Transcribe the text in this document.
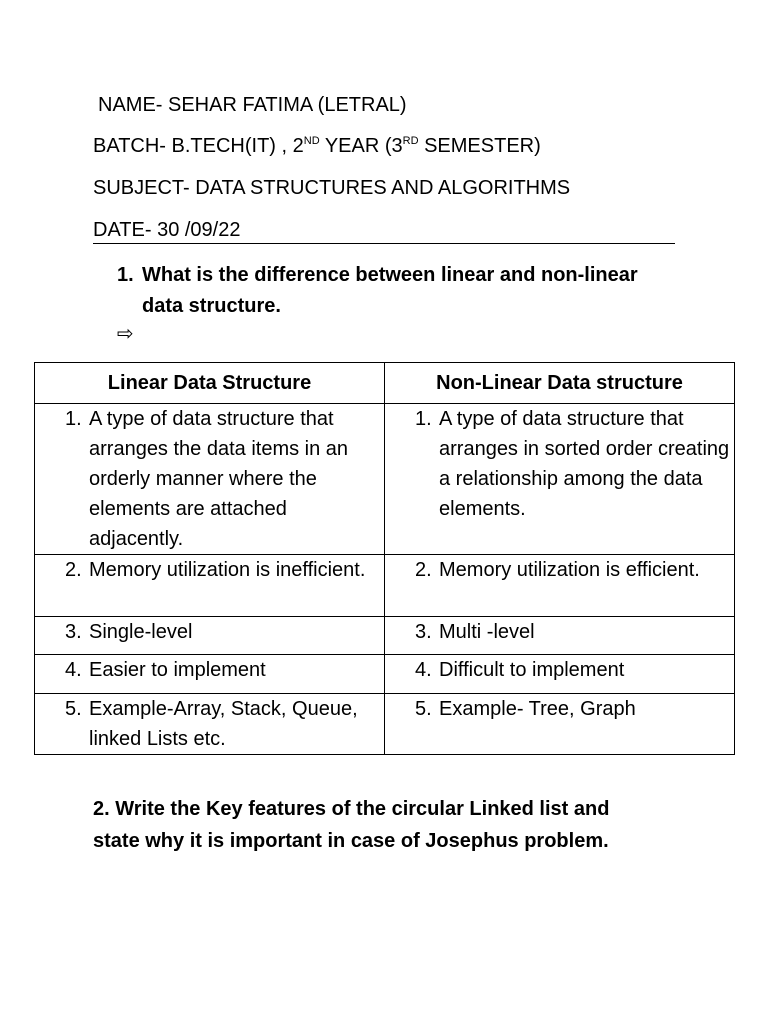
NAME- SEHAR FATIMA (LETRAL)
BATCH- B.TECH(IT) , 2ND YEAR (3RD SEMESTER)
SUBJECT- DATA STRUCTURES AND ALGORITHMS
DATE- 30 /09/22
1. What is the difference between linear and non-linear data structure.
⇨
Linear Data Structure	Non-Linear Data structure

1. A type of data structure that arranges the data items in an orderly manner where the elements are attached adjacently.	1. A type of data structure that arranges in sorted order creating a relationship among the data elements.

2. Memory utilization is inefficient.	2. Memory utilization is efficient.

3. Single-level	3. Multi -level

4. Easier to implement	4. Difficult to implement

5. Example-Array, Stack, Queue, linked Lists etc.	5. Example- Tree, Graph
2. Write the Key features of the circular Linked list and state why it is important in case of Josephus problem.
